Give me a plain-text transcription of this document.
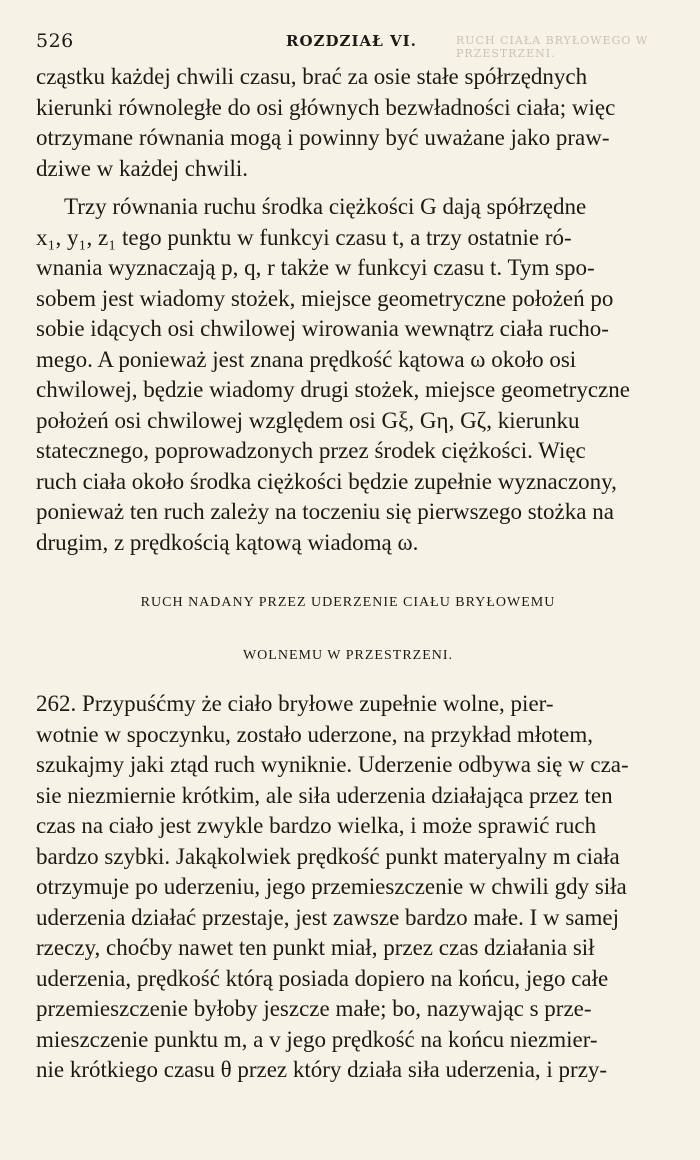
526	ROZDZIAŁ VI.	RUCH CIAŁA BRYŁOWEGO W PRZESTRZENI.

cząstku każdej chwili czasu, brać za osie stałe spółrzędnych

kierunki równoległe do osi głównych bezwładności ciała; więc

otrzymane równania mogą i powinny być uważane jako praw-

dziwe w każdej chwili.

Trzy równania ruchu środka ciężkości G dają spółrzędne

x₁, y₁, z₁ tego punktu w funkcyi czasu t, a trzy ostatnie ró-

wnania wyznaczają p, q, r także w funkcyi czasu t. Tym spo-

sobem jest wiadomy stożek, miejsce geometryczne położeń po

sobie idących osi chwilowej wirowania wewnątrz ciała rucho-

mego. A ponieważ jest znana prędkość kątowa ω około osi

chwilowej, będzie wiadomy drugi stożek, miejsce geometryczne

położeń osi chwilowej względem osi Gξ, Gη, Gζ, kierunku

statecznego, poprowadzonych przez środek ciężkości. Więc

ruch ciała około środka ciężkości będzie zupełnie wyznaczony,

ponieważ ten ruch zależy na toczeniu się pierwszego stożka na

drugim, z prędkością kątową wiadomą ω.

RUCH NADANY PRZEZ UDERZENIE CIAŁU BRYŁOWEMU

WOLNEMU W PRZESTRZENI.

262. Przypuśćmy że ciało bryłowe zupełnie wolne, pier-

wotnie w spoczynku, zostało uderzone, na przykład młotem,

szukajmy jaki ztąd ruch wyniknie. Uderzenie odbywa się w cza-

sie niezmiernie krótkim, ale siła uderzenia działająca przez ten

czas na ciało jest zwykle bardzo wielka, i może sprawić ruch

bardzo szybki. Jakąkolwiek prędkość punkt materyalny m ciała

otrzymuje po uderzeniu, jego przemieszczenie w chwili gdy siła

uderzenia działać przestaje, jest zawsze bardzo małe. I w samej

rzeczy, choćby nawet ten punkt miał, przez czas działania sił

uderzenia, prędkość którą posiada dopiero na końcu, jego całe

przemieszczenie byłoby jeszcze małe; bo, nazywając s prze-

mieszczenie punktu m, a v jego prędkość na końcu niezmier-

nie krótkiego czasu θ przez który działa siła uderzenia, i przy-
